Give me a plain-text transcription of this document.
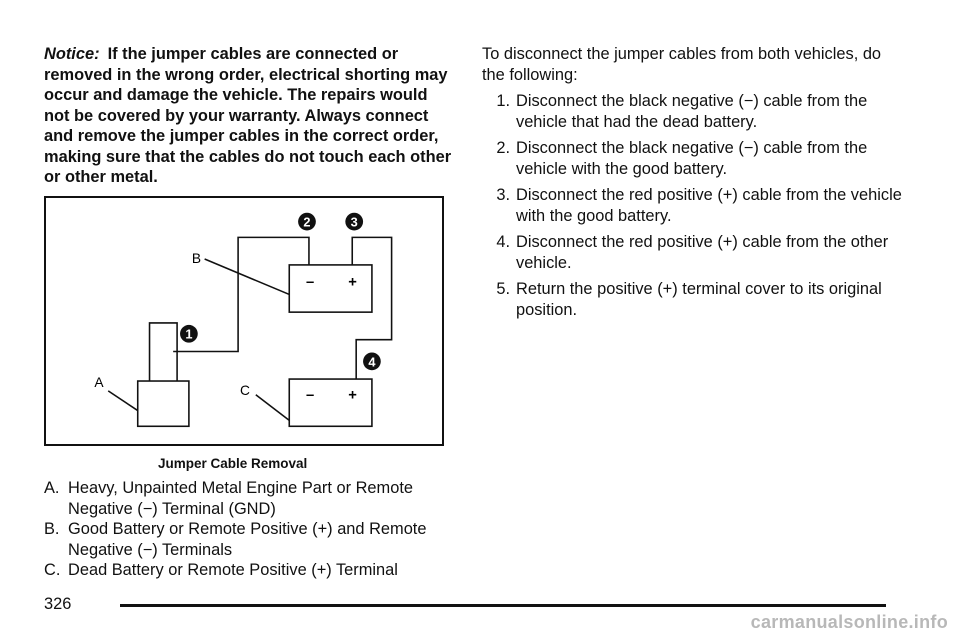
Notice: If the jumper cables are connected or removed in the wrong order, electrical shorting may occur and damage the vehicle. The repairs would not be covered by your warranty. Always connect and remove the jumper cables in the correct order, making sure that the cables do not touch each other or other metal.

1
2	3
4
B
A
C
– +
– +

Jumper Cable Removal

A. Heavy, Unpainted Metal Engine Part or Remote Negative (−) Terminal (GND)
B. Good Battery or Remote Positive (+) and Remote Negative (−) Terminals
C. Dead Battery or Remote Positive (+) Terminal

To disconnect the jumper cables from both vehicles, do the following:

1. Disconnect the black negative (−) cable from the vehicle that had the dead battery.
2. Disconnect the black negative (−) cable from the vehicle with the good battery.
3. Disconnect the red positive (+) cable from the vehicle with the good battery.
4. Disconnect the red positive (+) cable from the other vehicle.
5. Return the positive (+) terminal cover to its original position.
326
carmanualsonline.info
